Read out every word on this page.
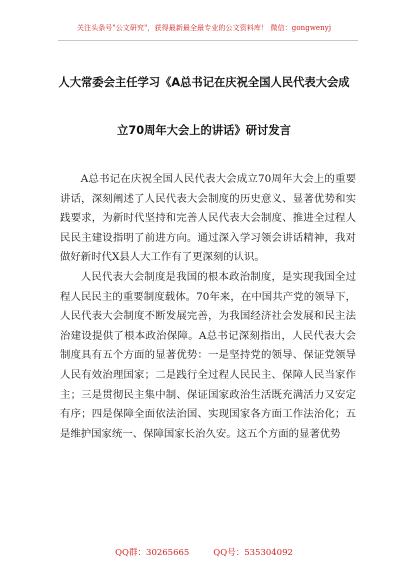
关注头条号"公文研究"，获得最新最全最专业的公文资料库！ 微信：gongwenyj
人大常委会主任学习《A总书记在庆祝全国人民代表大会成
立70周年大会上的讲话》研讨发言

A总书记在庆祝全国人民代表大会成立70周年大会上的重要讲话，深刻阐述了人民代表大会制度的历史意义、显著优势和实践要求，为新时代坚持和完善人民代表大会制度、推进全过程人民民主建设指明了前进方向。通过深入学习领会讲话精神，我对做好新时代X县人大工作有了更深刻的认识。

人民代表大会制度是我国的根本政治制度，是实现我国全过程人民民主的重要制度载体。70年来，在中国共产党的领导下，人民代表大会制度不断发展完善，为我国经济社会发展和民主法治建设提供了根本政治保障。A总书记深刻指出，人民代表大会制度具有五个方面的显著优势：一是坚持党的领导、保证党领导人民有效治理国家；二是践行全过程人民民主、保障人民当家作主；三是贯彻民主集中制、保证国家政治生活既充满活力又安定有序；四是保障全面依法治国、实现国家各方面工作法治化；五是维护国家统一、保障国家长治久安。这五个方面的显著优势

QQ群：30265665	QQ号：535304092
